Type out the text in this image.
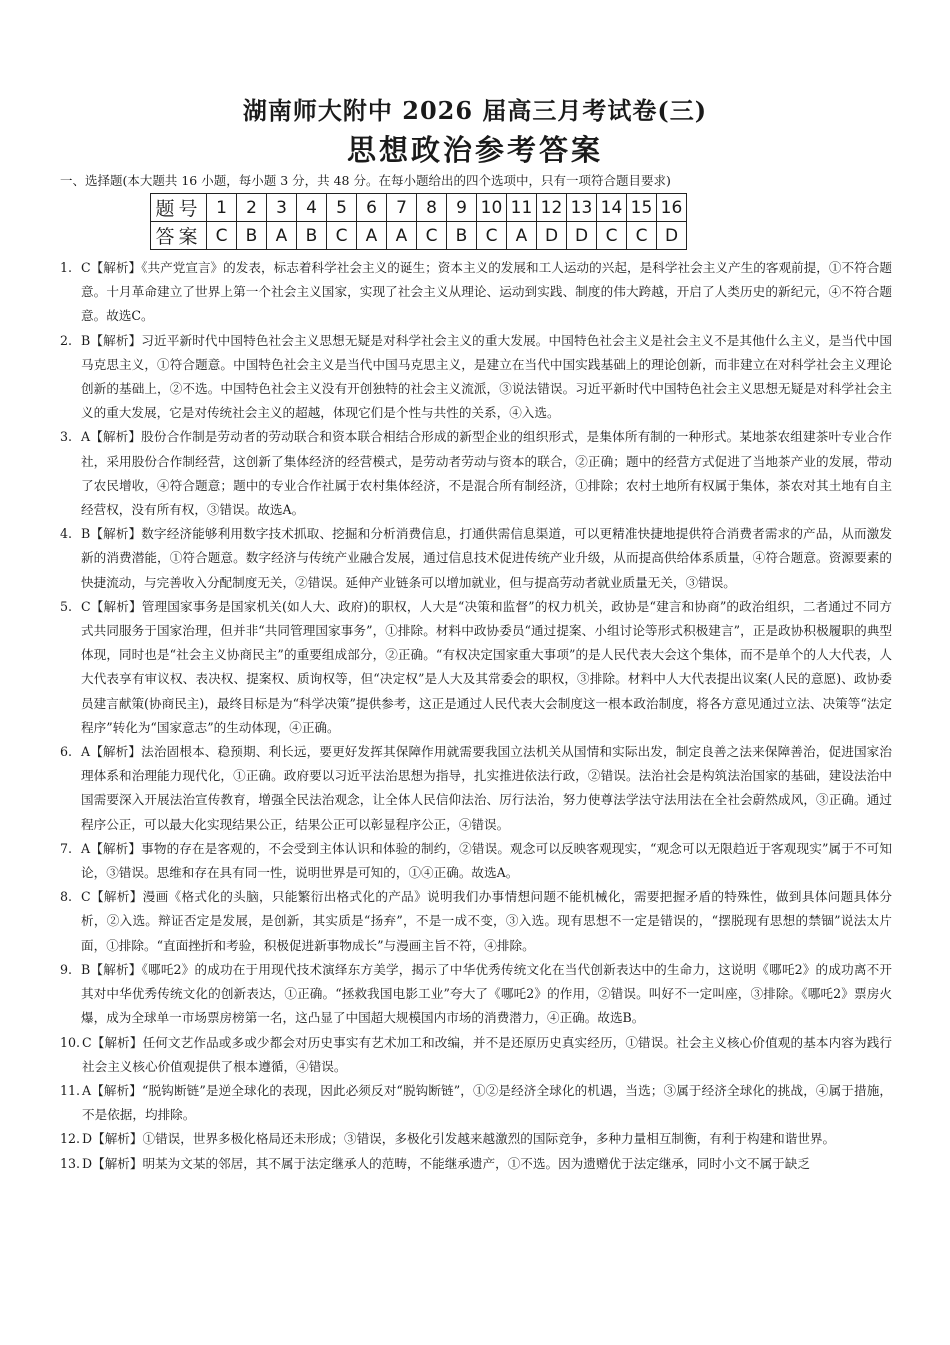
湖南师大附中 2026 届高三月考试卷(三)
思想政治参考答案
一、选择题(本大题共 16 小题，每小题 3 分，共 48 分。在每小题给出的四个选项中，只有一项符合题目要求)
题号	1	2	3	4	5	6	7	8	9	10	11	12	13	14	15	16
答案	C	B	A	B	C	A	A	C	B	C	A	D	D	C	C	D
1. C【解析】《共产党宣言》的发表，标志着科学社会主义的诞生；资本主义的发展和工人运动的兴起，是科学社会主义产生的客观前提，①不符合题意。十月革命建立了世界上第一个社会主义国家，实现了社会主义从理论、运动到实践、制度的伟大跨越，开启了人类历史的新纪元，④不符合题意。故选C。
2. B【解析】习近平新时代中国特色社会主义思想无疑是对科学社会主义的重大发展。中国特色社会主义是社会主义不是其他什么主义，是当代中国马克思主义，①符合题意。中国特色社会主义是当代中国马克思主义，是建立在当代中国实践基础上的理论创新，而非建立在对科学社会主义理论创新的基础上，②不选。中国特色社会主义没有开创独特的社会主义流派，③说法错误。习近平新时代中国特色社会主义思想无疑是对科学社会主义的重大发展，它是对传统社会主义的超越，体现它们是个性与共性的关系，④入选。
3. A【解析】股份合作制是劳动者的劳动联合和资本联合相结合形成的新型企业的组织形式，是集体所有制的一种形式。某地茶农组建茶叶专业合作社，采用股份合作制经营，这创新了集体经济的经营模式，是劳动者劳动与资本的联合，②正确；题中的经营方式促进了当地茶产业的发展，带动了农民增收，④符合题意；题中的专业合作社属于农村集体经济，不是混合所有制经济，①排除；农村土地所有权属于集体，茶农对其土地有自主经营权，没有所有权，③错误。故选A。
4. B【解析】数字经济能够利用数字技术抓取、挖掘和分析消费信息，打通供需信息渠道，可以更精准快捷地提供符合消费者需求的产品，从而激发新的消费潜能，①符合题意。数字经济与传统产业融合发展，通过信息技术促进传统产业升级，从而提高供给体系质量，④符合题意。资源要素的快捷流动，与完善收入分配制度无关，②错误。延伸产业链条可以增加就业，但与提高劳动者就业质量无关，③错误。
5. C【解析】管理国家事务是国家机关(如人大、政府)的职权，人大是“决策和监督”的权力机关，政协是“建言和协商”的政治组织，二者通过不同方式共同服务于国家治理，但并非“共同管理国家事务”，①排除。材料中政协委员“通过提案、小组讨论等形式积极建言”，正是政协积极履职的典型体现，同时也是“社会主义协商民主”的重要组成部分，②正确。“有权决定国家重大事项”的是人民代表大会这个集体，而不是单个的人大代表，人大代表享有审议权、表决权、提案权、质询权等，但“决定权”是人大及其常委会的职权，③排除。材料中人大代表提出议案(人民的意愿)、政协委员建言献策(协商民主)，最终目标是为“科学决策”提供参考，这正是通过人民代表大会制度这一根本政治制度，将各方意见通过立法、决策等“法定程序”转化为“国家意志”的生动体现，④正确。
6. A【解析】法治固根本、稳预期、利长远，要更好发挥其保障作用就需要我国立法机关从国情和实际出发，制定良善之法来保障善治，促进国家治理体系和治理能力现代化，①正确。政府要以习近平法治思想为指导，扎实推进依法行政，②错误。法治社会是构筑法治国家的基础，建设法治中国需要深入开展法治宣传教育，增强全民法治观念，让全体人民信仰法治、厉行法治，努力使尊法学法守法用法在全社会蔚然成风，③正确。通过程序公正，可以最大化实现结果公正，结果公正可以彰显程序公正，④错误。
7. A【解析】事物的存在是客观的，不会受到主体认识和体验的制约，②错误。观念可以反映客观现实，“观念可以无限趋近于客观现实”属于不可知论，③错误。思维和存在具有同一性，说明世界是可知的，①④正确。故选A。
8. C【解析】漫画《格式化的头脑，只能繁衍出格式化的产品》说明我们办事情想问题不能机械化，需要把握矛盾的特殊性，做到具体问题具体分析，②入选。辩证否定是发展，是创新，其实质是“扬弃”，不是一成不变，③入选。现有思想不一定是错误的，“摆脱现有思想的禁锢”说法太片面，①排除。“直面挫折和考验，积极促进新事物成长”与漫画主旨不符，④排除。
9. B【解析】《哪吒2》的成功在于用现代技术演绎东方美学，揭示了中华优秀传统文化在当代创新表达中的生命力，这说明《哪吒2》的成功离不开其对中华优秀传统文化的创新表达，①正确。“拯救我国电影工业”夸大了《哪吒2》的作用，②错误。叫好不一定叫座，③排除。《哪吒2》票房火爆，成为全球单一市场票房榜第一名，这凸显了中国超大规模国内市场的消费潜力，④正确。故选B。
10. C【解析】任何文艺作品或多或少都会对历史事实有艺术加工和改编，并不是还原历史真实经历，①错误。社会主义核心价值观的基本内容为践行社会主义核心价值观提供了根本遵循，④错误。
11. A【解析】“脱钩断链”是逆全球化的表现，因此必须反对“脱钩断链”，①②是经济全球化的机遇，当选；③属于经济全球化的挑战，④属于措施，不是依据，均排除。
12. D【解析】①错误，世界多极化格局还未形成；③错误，多极化引发越来越激烈的国际竞争，多种力量相互制衡，有利于构建和谐世界。
13. D【解析】明某为文某的邻居，其不属于法定继承人的范畴，不能继承遗产，①不选。因为遗赠优于法定继承，同时小文不属于缺乏
